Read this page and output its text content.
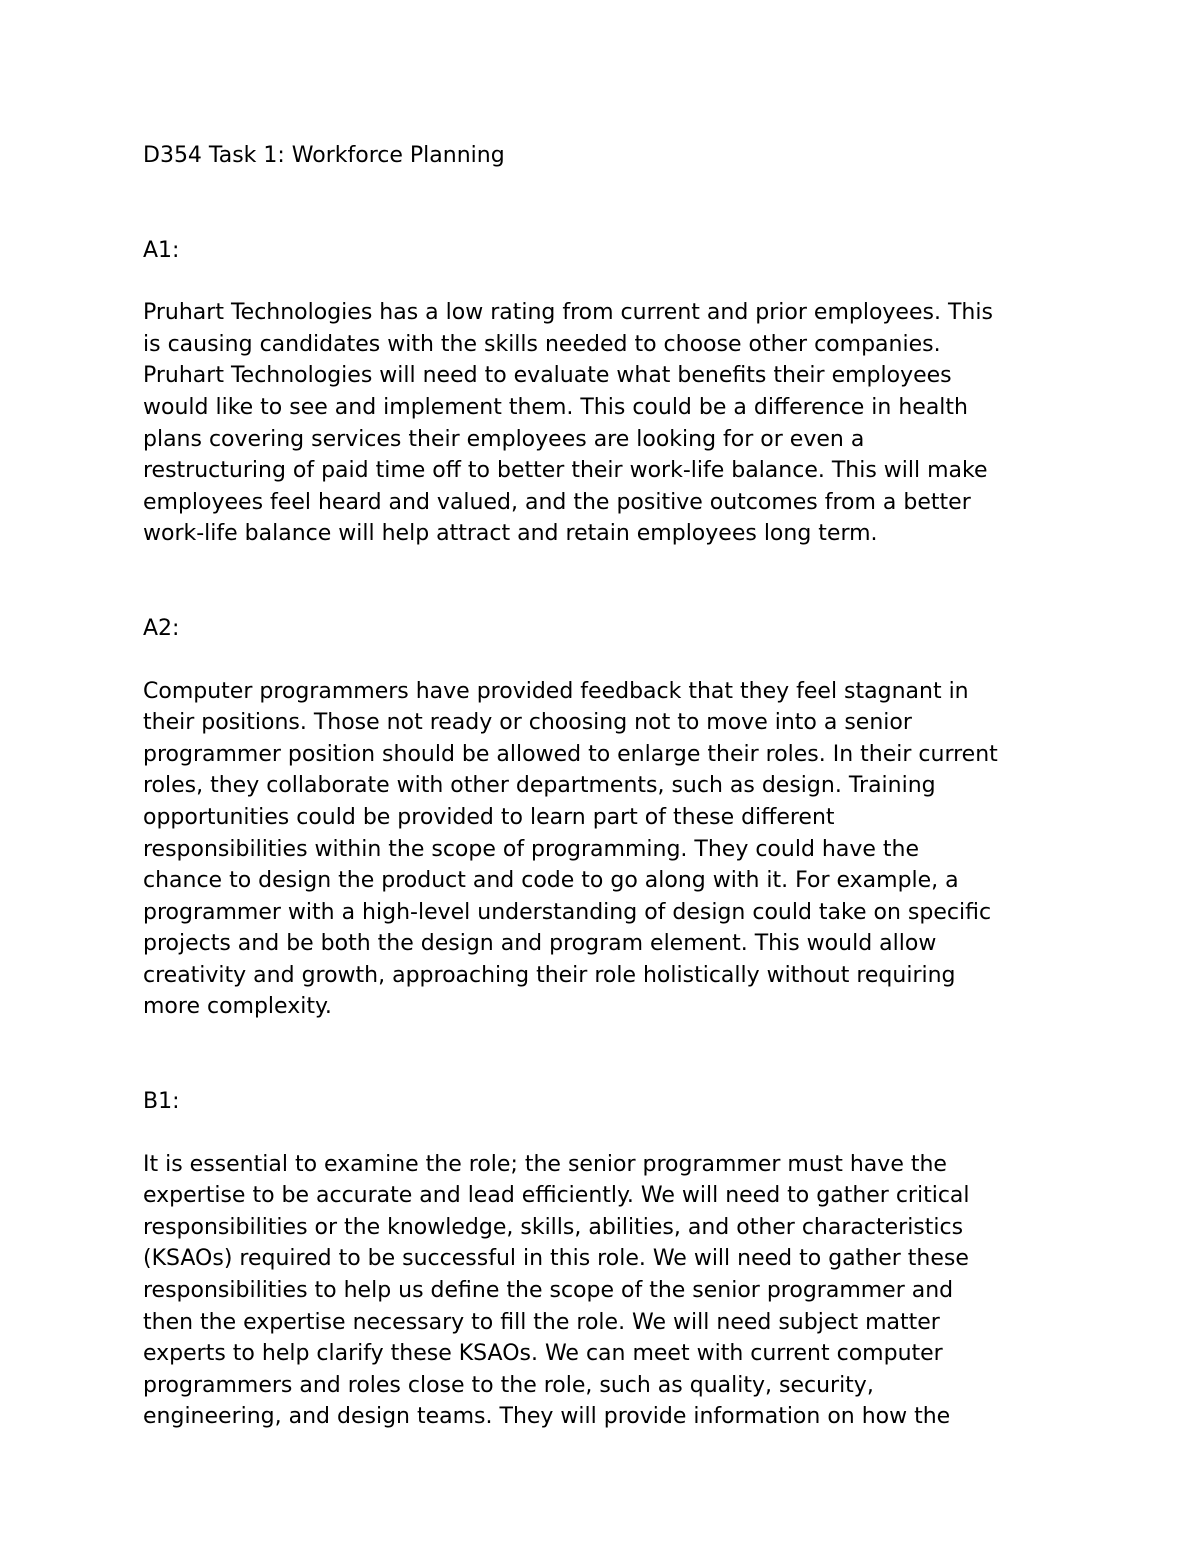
D354 Task 1: Workforce Planning
A1:

Pruhart Technologies has a low rating from current and prior employees. This
is causing candidates with the skills needed to choose other companies.
Pruhart Technologies will need to evaluate what benefits their employees
would like to see and implement them. This could be a difference in health
plans covering services their employees are looking for or even a
restructuring of paid time off to better their work-life balance. This will make
employees feel heard and valued, and the positive outcomes from a better
work-life balance will help attract and retain employees long term.

A2:

Computer programmers have provided feedback that they feel stagnant in
their positions. Those not ready or choosing not to move into a senior
programmer position should be allowed to enlarge their roles. In their current
roles, they collaborate with other departments, such as design. Training
opportunities could be provided to learn part of these different
responsibilities within the scope of programming. They could have the
chance to design the product and code to go along with it. For example, a
programmer with a high-level understanding of design could take on specific
projects and be both the design and program element. This would allow
creativity and growth, approaching their role holistically without requiring
more complexity.

B1:

It is essential to examine the role; the senior programmer must have the
expertise to be accurate and lead efficiently. We will need to gather critical
responsibilities or the knowledge, skills, abilities, and other characteristics
(KSAOs) required to be successful in this role. We will need to gather these
responsibilities to help us define the scope of the senior programmer and
then the expertise necessary to fill the role. We will need subject matter
experts to help clarify these KSAOs. We can meet with current computer
programmers and roles close to the role, such as quality, security,
engineering, and design teams. They will provide information on how the
